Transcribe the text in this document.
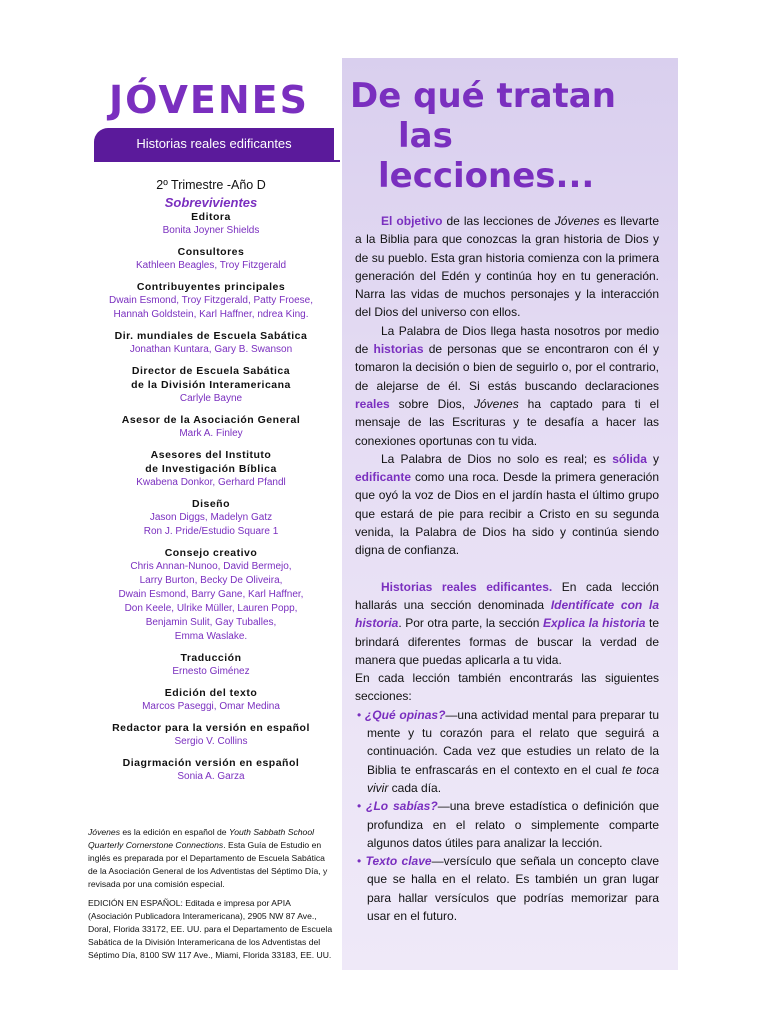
JÓVENES
Historias reales edificantes
2º Trimestre -Año D
Sobrevivientes
Editora
Bonita Joyner Shields
Consultores
Kathleen Beagles, Troy Fitzgerald
Contribuyentes principales
Dwain Esmond, Troy Fitzgerald, Patty Froese,
Hannah Goldstein, Karl Haffner, ndrea King.
Dir. mundiales de Escuela Sabática
Jonathan Kuntara, Gary B. Swanson
Director de Escuela Sabática
de la División Interamericana
Carlyle Bayne
Asesor de la Asociación General
Mark A. Finley
Asesores del Instituto
de Investigación Bíblica
Kwabena Donkor, Gerhard Pfandl
Diseño
Jason Diggs, Madelyn Gatz
Ron J. Pride/Estudio Square 1
Consejo creativo
Chris Annan-Nunoo, David Bermejo,
Larry Burton, Becky De Oliveira,
Dwain Esmond, Barry Gane, Karl Haffner,
Don Keele, Ulrike Müller, Lauren Popp,
Benjamin Sulit, Gay Tuballes,
Emma Waslake.
Traducción
Ernesto Giménez
Edición del texto
Marcos Paseggi, Omar Medina
Redactor para la versión en español
Sergio V. Collins
Diagrmación versión en español
Sonia A. Garza

Jóvenes es la edición en español de Youth Sabbath School Quarterly Cornerstone Connections. Esta Guía de Estudio en inglés es preparada por el Departamento de Escuela Sabática de la Asociación General de los Adventistas del Séptimo Día, y revisada por una comisión especial.

EDICIÓN EN ESPAÑOL: Editada e impresa por APIA (Asociación Publicadora Interamericana), 2905 NW 87 Ave., Doral, Florida 33172, EE. UU. para el Departamento de Escuela Sabática de la División Interamericana de los Adventistas del Séptimo Día, 8100 SW 117 Ave., Miami, Florida 33183, EE. UU.

De qué tratan
las
lecciones...

El objetivo de las lecciones de Jóvenes es llevarte a la Biblia para que conozcas la gran historia de Dios y de su pueblo. Esta gran historia comienza con la primera generación del Edén y continúa hoy en tu generación. Narra las vidas de muchos personajes y la interacción del Dios del universo con ellos.

La Palabra de Dios llega hasta nosotros por medio de historias de personas que se encontraron con él y tomaron la decisión o bien de seguirlo o, por el contrario, de alejarse de él. Si estás buscando declaraciones reales sobre Dios, Jóvenes ha captado para ti el mensaje de las Escrituras y te desafía a hacer las conexiones oportunas con tu vida.

La Palabra de Dios no solo es real; es sólida y edificante como una roca. Desde la primera generación que oyó la voz de Dios en el jardín hasta el último grupo que estará de pie para recibir a Cristo en su segunda venida, la Palabra de Dios ha sido y continúa siendo digna de confianza.

Historias reales edificantes. En cada lección hallarás una sección denominada Identifícate con la historia. Por otra parte, la sección Explica la historia te brindará diferentes formas de buscar la verdad de manera que puedas aplicarla a tu vida.

En cada lección también encontrarás las siguientes secciones:

• ¿Qué opinas?—una actividad mental para preparar tu mente y tu corazón para el relato que seguirá a continuación. Cada vez que estudies un relato de la Biblia te enfrascarás en el contexto en el cual te toca vivir cada día.

• ¿Lo sabías?—una breve estadística o definición que profundiza en el relato o simplemente comparte algunos datos útiles para analizar la lección.

• Texto clave—versículo que señala un concepto clave que se halla en el relato. Es también un gran lugar para hallar versículos que podrías memorizar para usar en el futuro.
